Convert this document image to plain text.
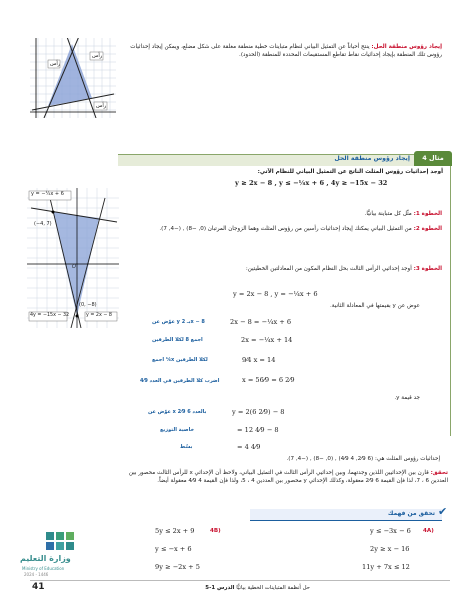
رأس
رأس
رأس
إيجاد رؤوس منطقة الحل: ينتج أحياناً عن التمثيل البياني لنظام متباينات خطية منطقة مغلقة على شكل مضلع، ويمكن إيجاد إحداثيات رؤوس تلك المنطقة بإيجاد إحداثيات نقاط تقاطع المستقيمات المحددة للمنطقة (الحدود).
مثال 4
إيجاد رؤوس منطقة الحل
أوجد إحداثيات رؤوس المثلث الناتج عن التمثيل البياني للنظام الآتي:
y ≥ 2x − 8 , y ≤ −¼x + 6 , 4y ≥ −15x − 32
y = −¼x + 6
(−4, 7)
O
(0, −8)
4y = −15x − 32	y = 2x − 8
الخطوة 1: مثّل كل متباينة بيانيًّا.
الخطوة 2: من التمثيل البياني يمكنك إيجاد إحداثيات رأسين من رؤوس المثلث وهما الزوجان المرتبان (0, −8) , (−4, 7).
الخطوة 3: أوجد إحداثيي الرأس الثالث بحل النظام المكون من المعادلتين الخطيتين:
y = 2x − 8 , y = −¼x + 6
عوض عن y بقيمتها في المعادلة الثانية.
2x − 8 = −¼x + 6
عوّض عن y بـ 2x − 8
2x = −¼x + 14
اجمع 8 لكلا الطرفين
9⁄4 x = 14
اجمع ¼x لكلا الطرفين
x = 56⁄9 = 6 2⁄9
اضرب كلا الطرفين في العدد 4⁄9
جد قيمة y.
y = 2(6 2⁄9) − 8
عوّض عن x بالعدد 6 2⁄9
= 12 4⁄9 − 8
خاصية التوزيع
= 4 4⁄9
بسّط
إحداثيات رؤوس المثلث هي: (6 2⁄9, 4 4⁄9) , (0, −8) , (−4, 7).
تحقق: قارن بين الإحداثيين اللذين وجدتهما، وبين إحداثيي الرأس الثالث في التمثيل البياني، ولاحظ أن الإحداثي x للرأس الثالث محصور بين العددين 6 ، 7، لذا فإن القيمة 6 2⁄9 معقولة، وكذلك الإحداثي y محصور بين العددين 4 ، 5، ولذا فإن القيمة 4 4⁄9 معقولة أيضاً.
✔
تحقق من فهمك
4A)
y ≤ −3x − 6
2y ≥ x − 16
11y + 7x ≤ 12
4B)
5y ≤ 2x + 9
y ≤ −x + 6
9y ≥ −2x + 5
وزارة التعليم
Ministry of Education
2024 - 1446
41	حل أنظمة المتباينات الخطية بيانيًّا الدرس 1-5
